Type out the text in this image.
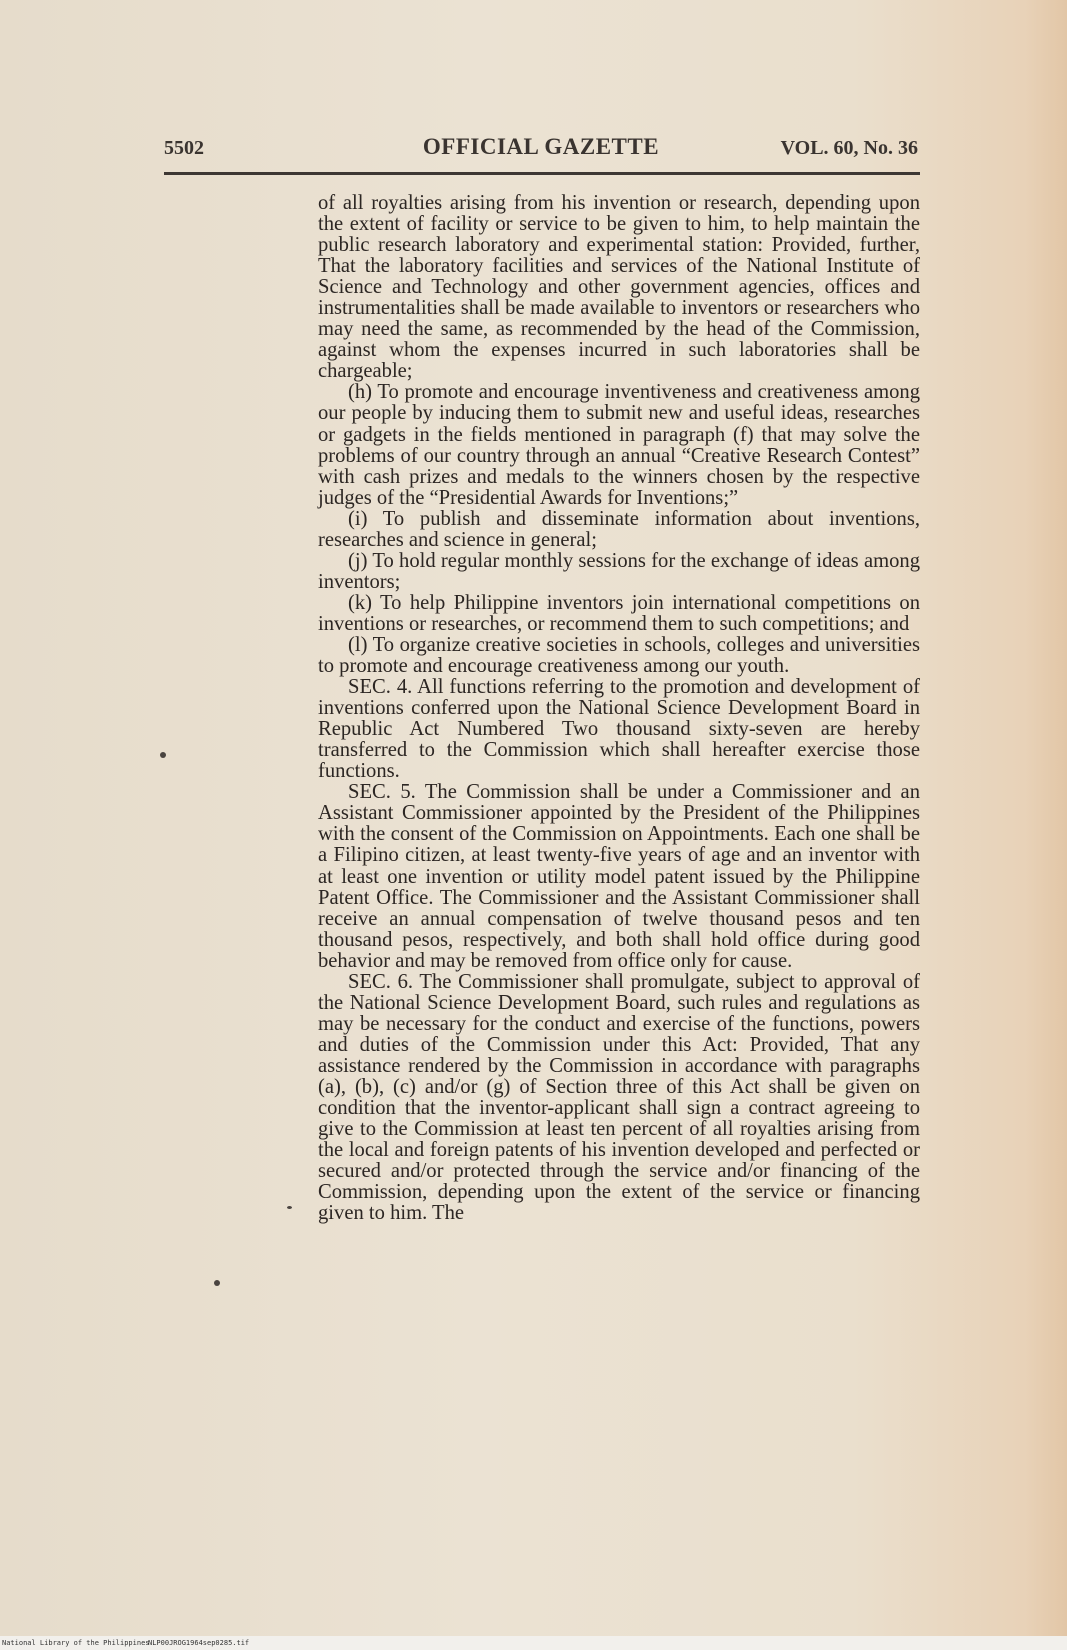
5502	OFFICIAL GAZETTE	VOL. 60, No. 36

of all royalties arising from his invention or research, depending upon the extent of facility or service to be given to him, to help maintain the public research laboratory and experimental station: Provided, further, That the laboratory facilities and services of the National Institute of Science and Technology and other government agencies, offices and instrumentalities shall be made available to inventors or researchers who may need the same, as recommended by the head of the Commission, against whom the expenses incurred in such laboratories shall be chargeable;

(h) To promote and encourage inventiveness and creativeness among our people by inducing them to submit new and useful ideas, researches or gadgets in the fields mentioned in paragraph (f) that may solve the problems of our country through an annual “Creative Research Contest” with cash prizes and medals to the winners chosen by the respective judges of the “Presidential Awards for Inventions;”

(i) To publish and disseminate information about inventions, researches and science in general;

(j) To hold regular monthly sessions for the exchange of ideas among inventors;

(k) To help Philippine inventors join international competitions on inventions or researches, or recommend them to such competitions; and

(l) To organize creative societies in schools, colleges and universities to promote and encourage creativeness among our youth.

SEC. 4. All functions referring to the promotion and development of inventions conferred upon the National Science Development Board in Republic Act Numbered Two thousand sixty-seven are hereby transferred to the Commission which shall hereafter exercise those functions.

SEC. 5. The Commission shall be under a Commissioner and an Assistant Commissioner appointed by the President of the Philippines with the consent of the Commission on Appointments. Each one shall be a Filipino citizen, at least twenty-five years of age and an inventor with at least one invention or utility model patent issued by the Philippine Patent Office. The Commissioner and the Assistant Commissioner shall receive an annual compensation of twelve thousand pesos and ten thousand pesos, respectively, and both shall hold office during good behavior and may be removed from office only for cause.

SEC. 6. The Commissioner shall promulgate, subject to approval of the National Science Development Board, such rules and regulations as may be necessary for the conduct and exercise of the functions, powers and duties of the Commission under this Act: Provided, That any assistance rendered by the Commission in accordance with paragraphs (a), (b), (c) and/or (g) of Section three of this Act shall be given on condition that the inventor-applicant shall sign a contract agreeing to give to the Commission at least ten percent of all royalties arising from the local and foreign patents of his invention developed and perfected or secured and/or protected through the service and/or financing of the Commission, depending upon the extent of the service or financing given to him. The

National Library of the Philippines
NLP00JROG1964sep0285.tif
